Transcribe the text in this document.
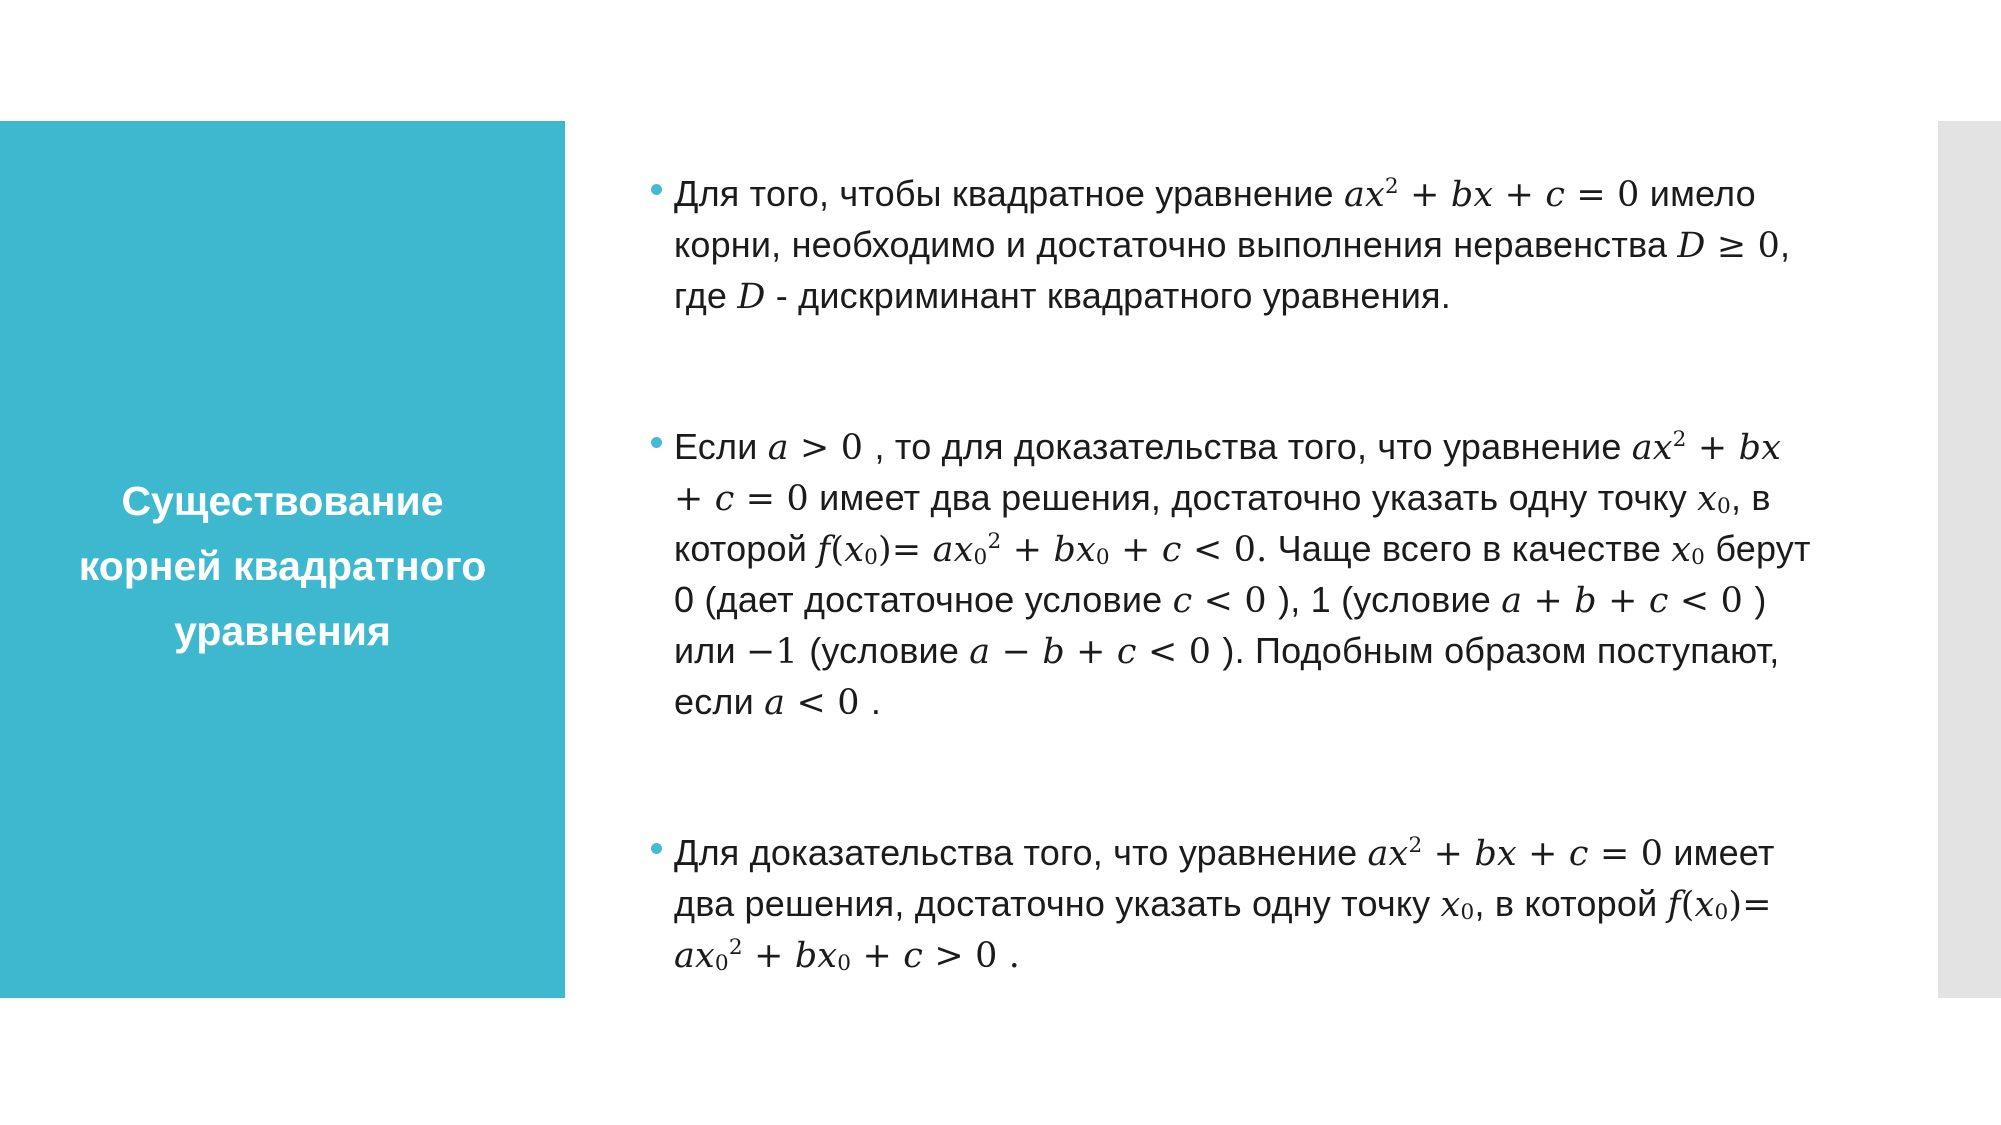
Существование
корней квадратного
уравнения
Для того, чтобы квадратное уравнение $ax^2$ + bx + c = 0 имело корни, необходимо и достаточно выполнения неравенства D ≥ 0, где D - дискриминант квадратного уравнения.
Если a > 0 , то для доказательства того, что уравнение $ax^2$ + bx + c = 0 имеет два решения, достаточно указать одну точку x0, в которой $f(x0)= ax0^2 + bx0 + c < 0$. Чаще всего в качестве x0 берут 0 (дает достаточное условие c < 0 ), 1 (условие a + b + c < 0 ) или −1 (условие a − b + c < 0 ). Подобным образом поступают, если a < 0 .
Для доказательства того, что уравнение $ax^2$ + bx + c = 0 имеет два решения, достаточно указать одну точку x0, в которой $f(x0)= ax0^2 + bx0 + c > 0$ .
